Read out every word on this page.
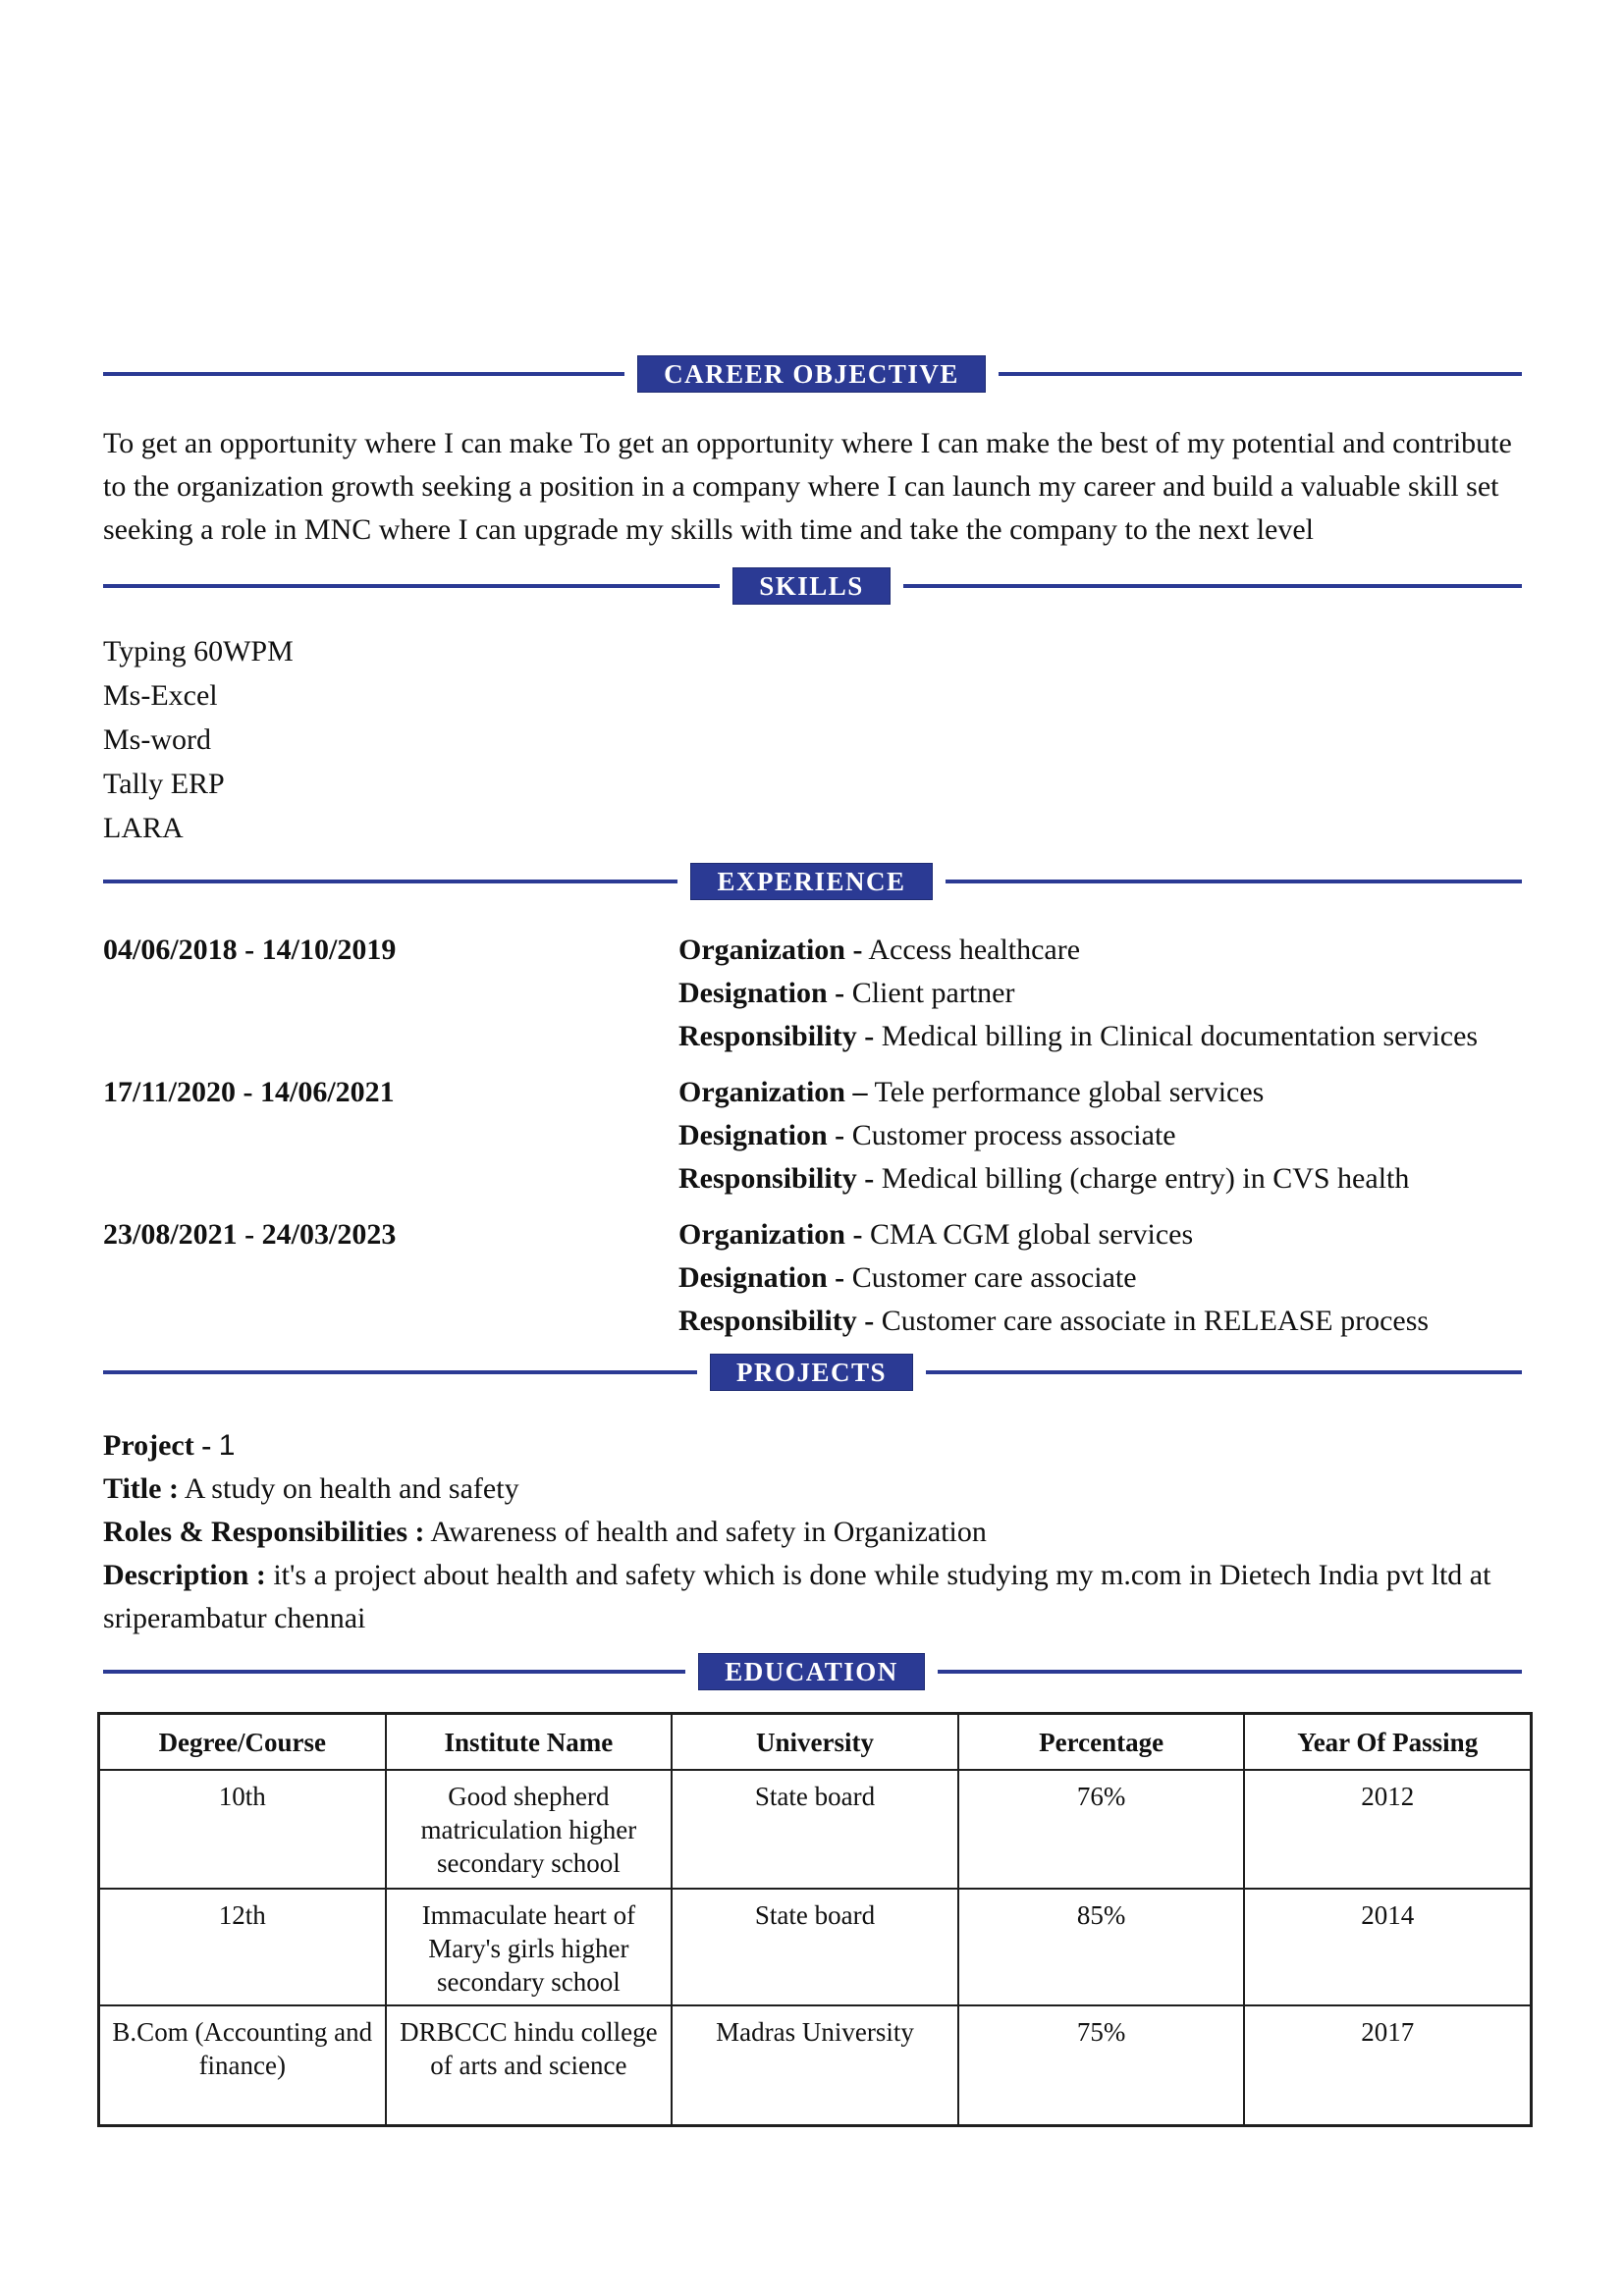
CAREER OBJECTIVE

To get an opportunity where I can make To get an opportunity where I can make the best of my potential and contribute to the organization growth seeking a position in a company where I can launch my career and build a valuable skill set seeking a role in MNC where I can upgrade my skills with time and take the company to the next level

SKILLS
Typing 60WPM
Ms-Excel
Ms-word
Tally ERP
LARA
EXPERIENCE
04/06/2018 - 14/10/2019	Organization - Access healthcare
Designation - Client partner
Responsibility - Medical billing in Clinical documentation services
17/11/2020 - 14/06/2021	Organization – Tele performance global services
Designation - Customer process associate
Responsibility - Medical billing (charge entry) in CVS health
23/08/2021 - 24/03/2023	Organization - CMA CGM global services
Designation - Customer care associate
Responsibility - Customer care associate in RELEASE process
PROJECTS
Project - 1
Title : A study on health and safety
Roles & Responsibilities : Awareness of health and safety in Organization
Description : it's a project about health and safety which is done while studying my m.com in Dietech India pvt ltd at sriperambatur chennai
EDUCATION
Degree/Course	Institute Name	University	Percentage	Year Of Passing
10th	Good shepherd matriculation higher secondary school	State board	76%	2012
12th	Immaculate heart of Mary's girls higher secondary school	State board	85%	2014
B.Com (Accounting and finance)	DRBCCC hindu college of arts and science	Madras University	75%	2017
